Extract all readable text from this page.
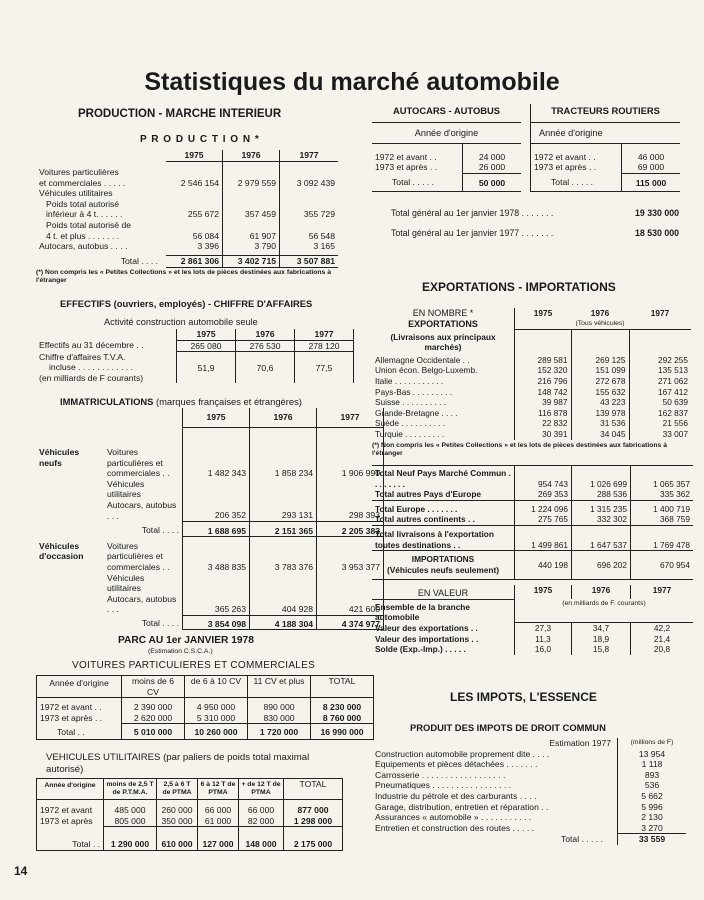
Statistiques du marché automobile
PRODUCTION - MARCHE INTERIEUR
P R O D U C T I O N *
	1975	1976	1977

Voitures particulières
et commerciales . . . . .	2 546 154	2 979 559	3 092 439
Véhicules utilitaires			
Poids total autorisé
inférieur à 4 t. . . . . .	255 672	357 459	355 729
Poids total autorisé de
4 t. et plus . . . . . . .	56 084	61 907	56 548
Autocars, autobus . . . .	3 396	3 790	3 165

Total . . . .	2 861 306	3 402 715	3 507 881
(*) Non compris les « Petites Collections » et les lots de pièces destinées aux fabrications à l'étranger
EFFECTIFS (ouvriers, employés) - CHIFFRE D'AFFAIRES
Activité construction automobile seule
	1975	1976	1977
Effectifs au 31 décembre . .	265 080	276 530	278 120
Chiffre d'affaires T.V.A.
incluse . . . . . . . . . . . .
(en milliards de F courants)	51,9	70,6	77,5
IMMATRICULATIONS (marques françaises et étrangères)
		1975	1976	1977
Véhicules neufs	Voitures particulières et commerciales . .	1 482 343	1 858 234	1 906 990
	Véhicules utilitaires Autocars, autobus . . .	206 352	293 131	298 393
	Total . . . .	1 688 695	2 151 365	2 205 383
Véhicules d'occasion	Voitures particulières et commerciales . .	3 488 835	3 783 376	3 953 377
	Véhicules utilitaires Autocars, autobus . . .	365 263	404 928	421 600
	Total . . . .	3 854 098	4 188 304	4 374 977
PARC AU 1er JANVIER 1978
(Estimation C.S.C.A.)
VOITURES PARTICULIERES ET COMMERCIALES
Année d'origine	moins de 6 CV	de 6 à 10 CV	11 CV et plus	TOTAL
1972 et avant . .	2 390 000	4 950 000	890 000	8 230 000
1973 et après . .	2 620 000	5 310 000	830 000	8 760 000
Total . .	5 010 000	10 260 000	1 720 000	16 990 000
VEHICULES UTILITAIRES (par paliers de poids total maximal autorisé)
Année d'origine	moins de 2,5 T de P.T.M.A.	2,5 à 6 T de PTMA	6 à 12 T de PTMA	+ de 12 T de PTMA	TOTAL
1972 et avant	485 000	260 000	66 000	66 000	877 000
1973 et après	805 000	350 000	61 000	82 000	1 298 000
Total . .	1 290 000	610 000	127 000	148 000	2 175 000
14
AUTOCARS - AUTOBUS	
Année d'origine	

1972 et avant . .	24 000
1973 et après . .	26 000
Total . . . . .	50 000
TRACTEURS ROUTIERS	
Année d'origine	

1972 et avant . .	46 000
1973 et après . .	69 000
Total . . . . .	115 000
Total général au 1er janvier 1978 . . . . . . .	19 330 000

Total général au 1er janvier 1977 . . . . . . .	18 530 000
EXPORTATIONS - IMPORTATIONS
EN NOMBRE *	1975	1976	1977
EXPORTATIONS		(Tous véhicules)	
(Livraisons aux principaux marchés)			
Allemagne Occidentale . .	289 581	269 125	292 255
Union écon. Belgo-Luxemb.	152 320	151 099	135 513
Italie . . . . . . . . . . .	216 796	272 678	271 062
Pays-Bas . . . . . . . . .	148 742	155 632	167 412
Suisse . . . . . . . . . .	39 987	43 223	50 639
Grande-Bretagne . . . .	116 878	139 978	162 837
Suède . . . . . . . . . .	22 832	31 536	21 556
Turquie . . . . . . . . .	30 391	34 045	33 007
(*) Non compris les « Petites Collections » et les lots de pièces destinées aux fabrications à l'étranger
Total Neuf Pays Marché Commun . . . . . . . .	954 743	1 026 699	1 065 357
Total autres Pays d'Europe	269 353	288 536	335 362
Total Europe . . . . . . .	1 224 096	1 315 235	1 400 719
Total autres continents . .	275 765	332 302	368 759
Total livraisons à l'exportation toutes destinations . .	1 499 861	1 647 537	1 769 478
IMPORTATIONS
(Véhicules neufs seulement)	440 198	696 202	670 954
EN VALEUR	1975	1976	1977
Ensemble de la branche automobile	(en milliards de F. courants)		
Valeur des exportations . .	27,3	34,7	42,2
Valeur des importations . .	11,3	18,9	21,4
Solde (Exp.-Imp.) . . . . .	16,0	15,8	20,8
LES IMPOTS, L'ESSENCE
PRODUIT DES IMPOTS DE DROIT COMMUN
Estimation 1977	(millions de F)
Construction automobile proprement dite . . . .	13 954
Equipements et pièces détachées . . . . . . .	1 118
Carrosserie . . . . . . . . . . . . . . . . . .	893
Pneumatiques . . . . . . . . . . . . . . . . .	536
Industrie du pétrole et des carburants . . . .	5 662
Garage, distribution, entretien et réparation . .	5 996
Assurances « automobile » . . . . . . . . . . .	2 130
Entretien et construction des routes . . . . .	3 270
Total . . . . .	33 559
